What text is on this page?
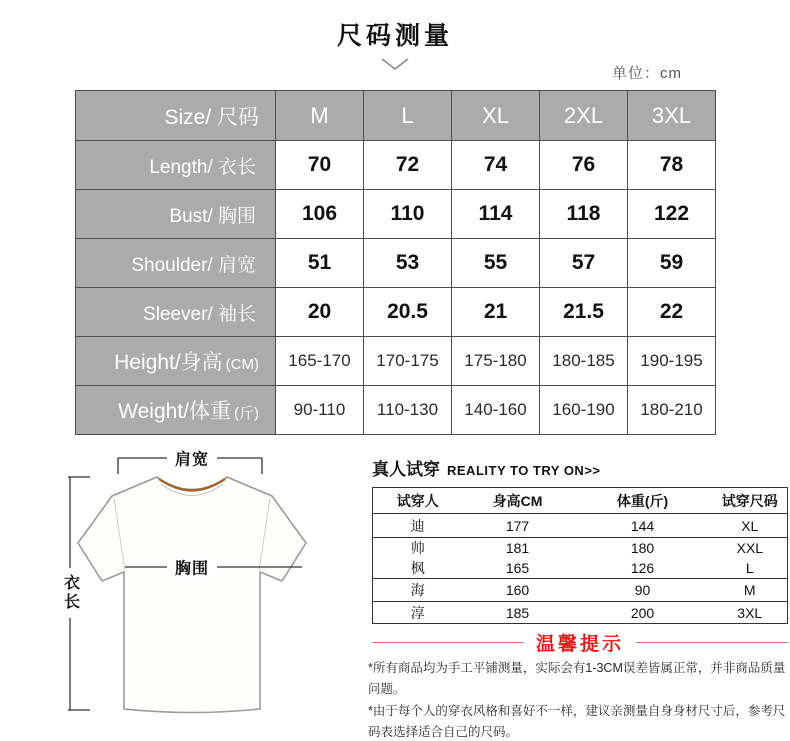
尺码测量
单位：cm
Size/ 尺码	M	L	XL	2XL	3XL
Length/ 衣长	70	72	74	76	78
Bust/ 胸围	106	110	114	118	122
Shoulder/ 肩宽	51	53	55	57	59
Sleever/ 袖长	20	20.5	21	21.5	22
Height/身高 (CM)	165-170	170-175	175-180	180-185	190-195
Weight/体重 (斤)	90-110	110-130	140-160	160-190	180-210
肩宽
胸围
衣长
真人试穿 REALITY TO TRY ON>>
试穿人	身高CM	体重(斤)	试穿尺码
迪	177	144	XL
帅	181	180	XXL
枫	165	126	L
海	160	90	M
淳	185	200	3XL
温馨提示

*所有商品均为手工平铺测量，实际会有1-3CM误差皆属正常，并非商品质量问题。

*由于每个人的穿衣风格和喜好不一样，建议亲测量自身身材尺寸后，参考尺码表选择适合自己的尺码。
